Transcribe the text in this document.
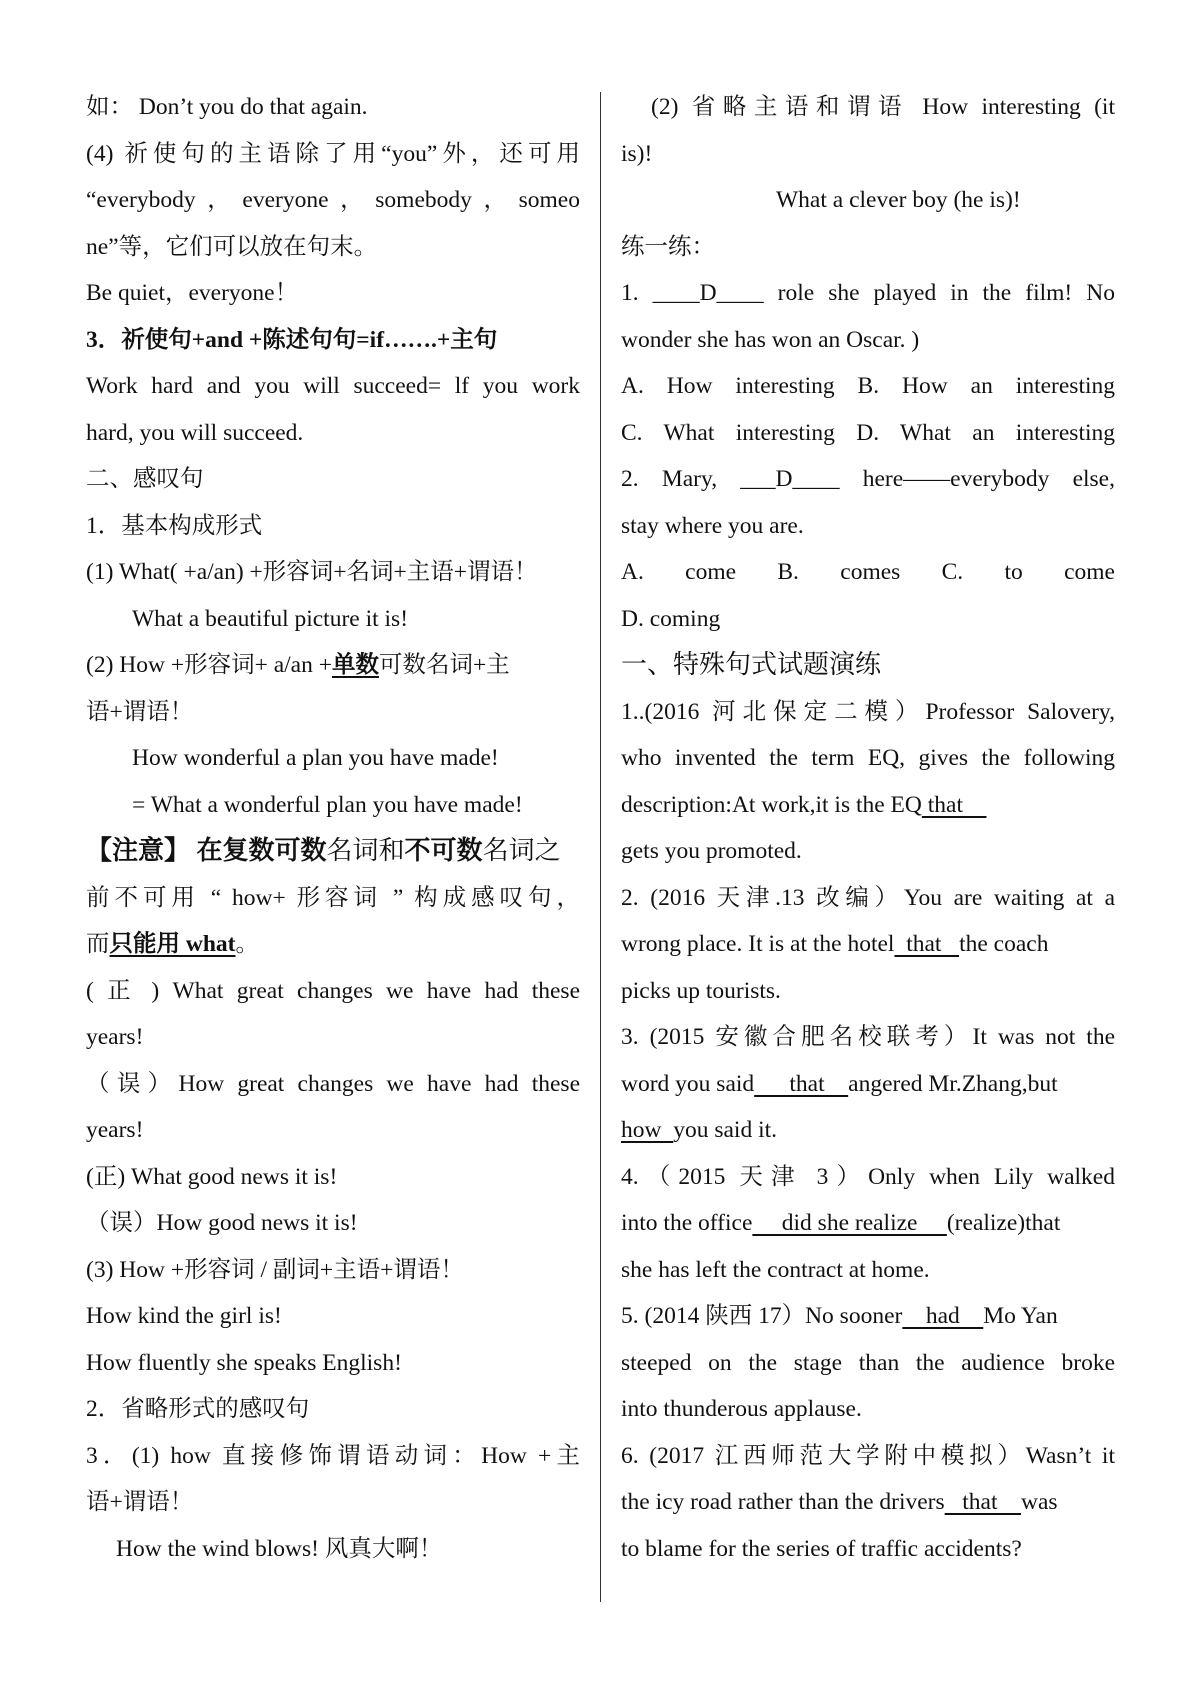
如： Don’t you do that again.
(4) 祈使句的主语除了用“you”外，还可用
“everybody，everyone，somebody，someo
ne”等，它们可以放在句末。
Be quiet，everyone！
3．祈使句+and +陈述句句=if…….+主句
Work hard and you will succeed= lf you work
hard, you will succeed.
二、感叹句
1．基本构成形式
(1) What( +a/an) +形容词+名词+主语+谓语！
What a beautiful picture it is!
(2) How +形容词+ a/an +单数可数名词+主
语+谓语！
How wonderful a plan you have made!
= What a wonderful plan you have made!
【注意】 在复数可数名词和不可数名词之
前不可用 “ how+ 形容词 ” 构成感叹句，
而只能用 what。
( 正 ) What great changes we have had these
years!
（误）How great changes we have had these
years!
(正) What good news it is!
（误）How good news it is!
(3) How +形容词 / 副词+主语+谓语！
How kind the girl is!
How fluently she speaks English!
2．省略形式的感叹句
3．(1) how 直接修饰谓语动词：How +主
语+谓语！
How the wind blows! 风真大啊！
(2) 省略主语和谓语 How interesting (it
is)!
What a clever boy (he is)!
练一练：
1. ____D____ role she played in the film! No
wonder she has won an Oscar. )
A. How interesting B. How an interesting
C. What interesting D. What an interesting
2. Mary, ___D____ here——everybody else,
stay where you are.
A. come B. comes C. to come
D. coming
一、特殊句式试题演练
1..(2016 河北保定二模）Professor Salovery,
who invented the term EQ, gives the following
description:At work,it is the EQ that
gets you promoted.
2. (2016 天津.13 改编）You are waiting at a
wrong place. It is at the hotel  that   the coach
picks up tourists.
3. (2015 安徽合肥名校联考）It was not the
word you said      that    angered Mr.Zhang,but
how  you said it.
4.（2015 天津 3）Only when Lily walked
into the office     did she realize     (realize)that
she has left the contract at home.
5. (2014 陕西 17）No sooner    had    Mo Yan
steeped on the stage than the audience broke
into thunderous applause.
6. (2017 江西师范大学附中模拟）Wasn’t it
the icy road rather than the drivers   that    was
to blame for the series of traffic accidents?
